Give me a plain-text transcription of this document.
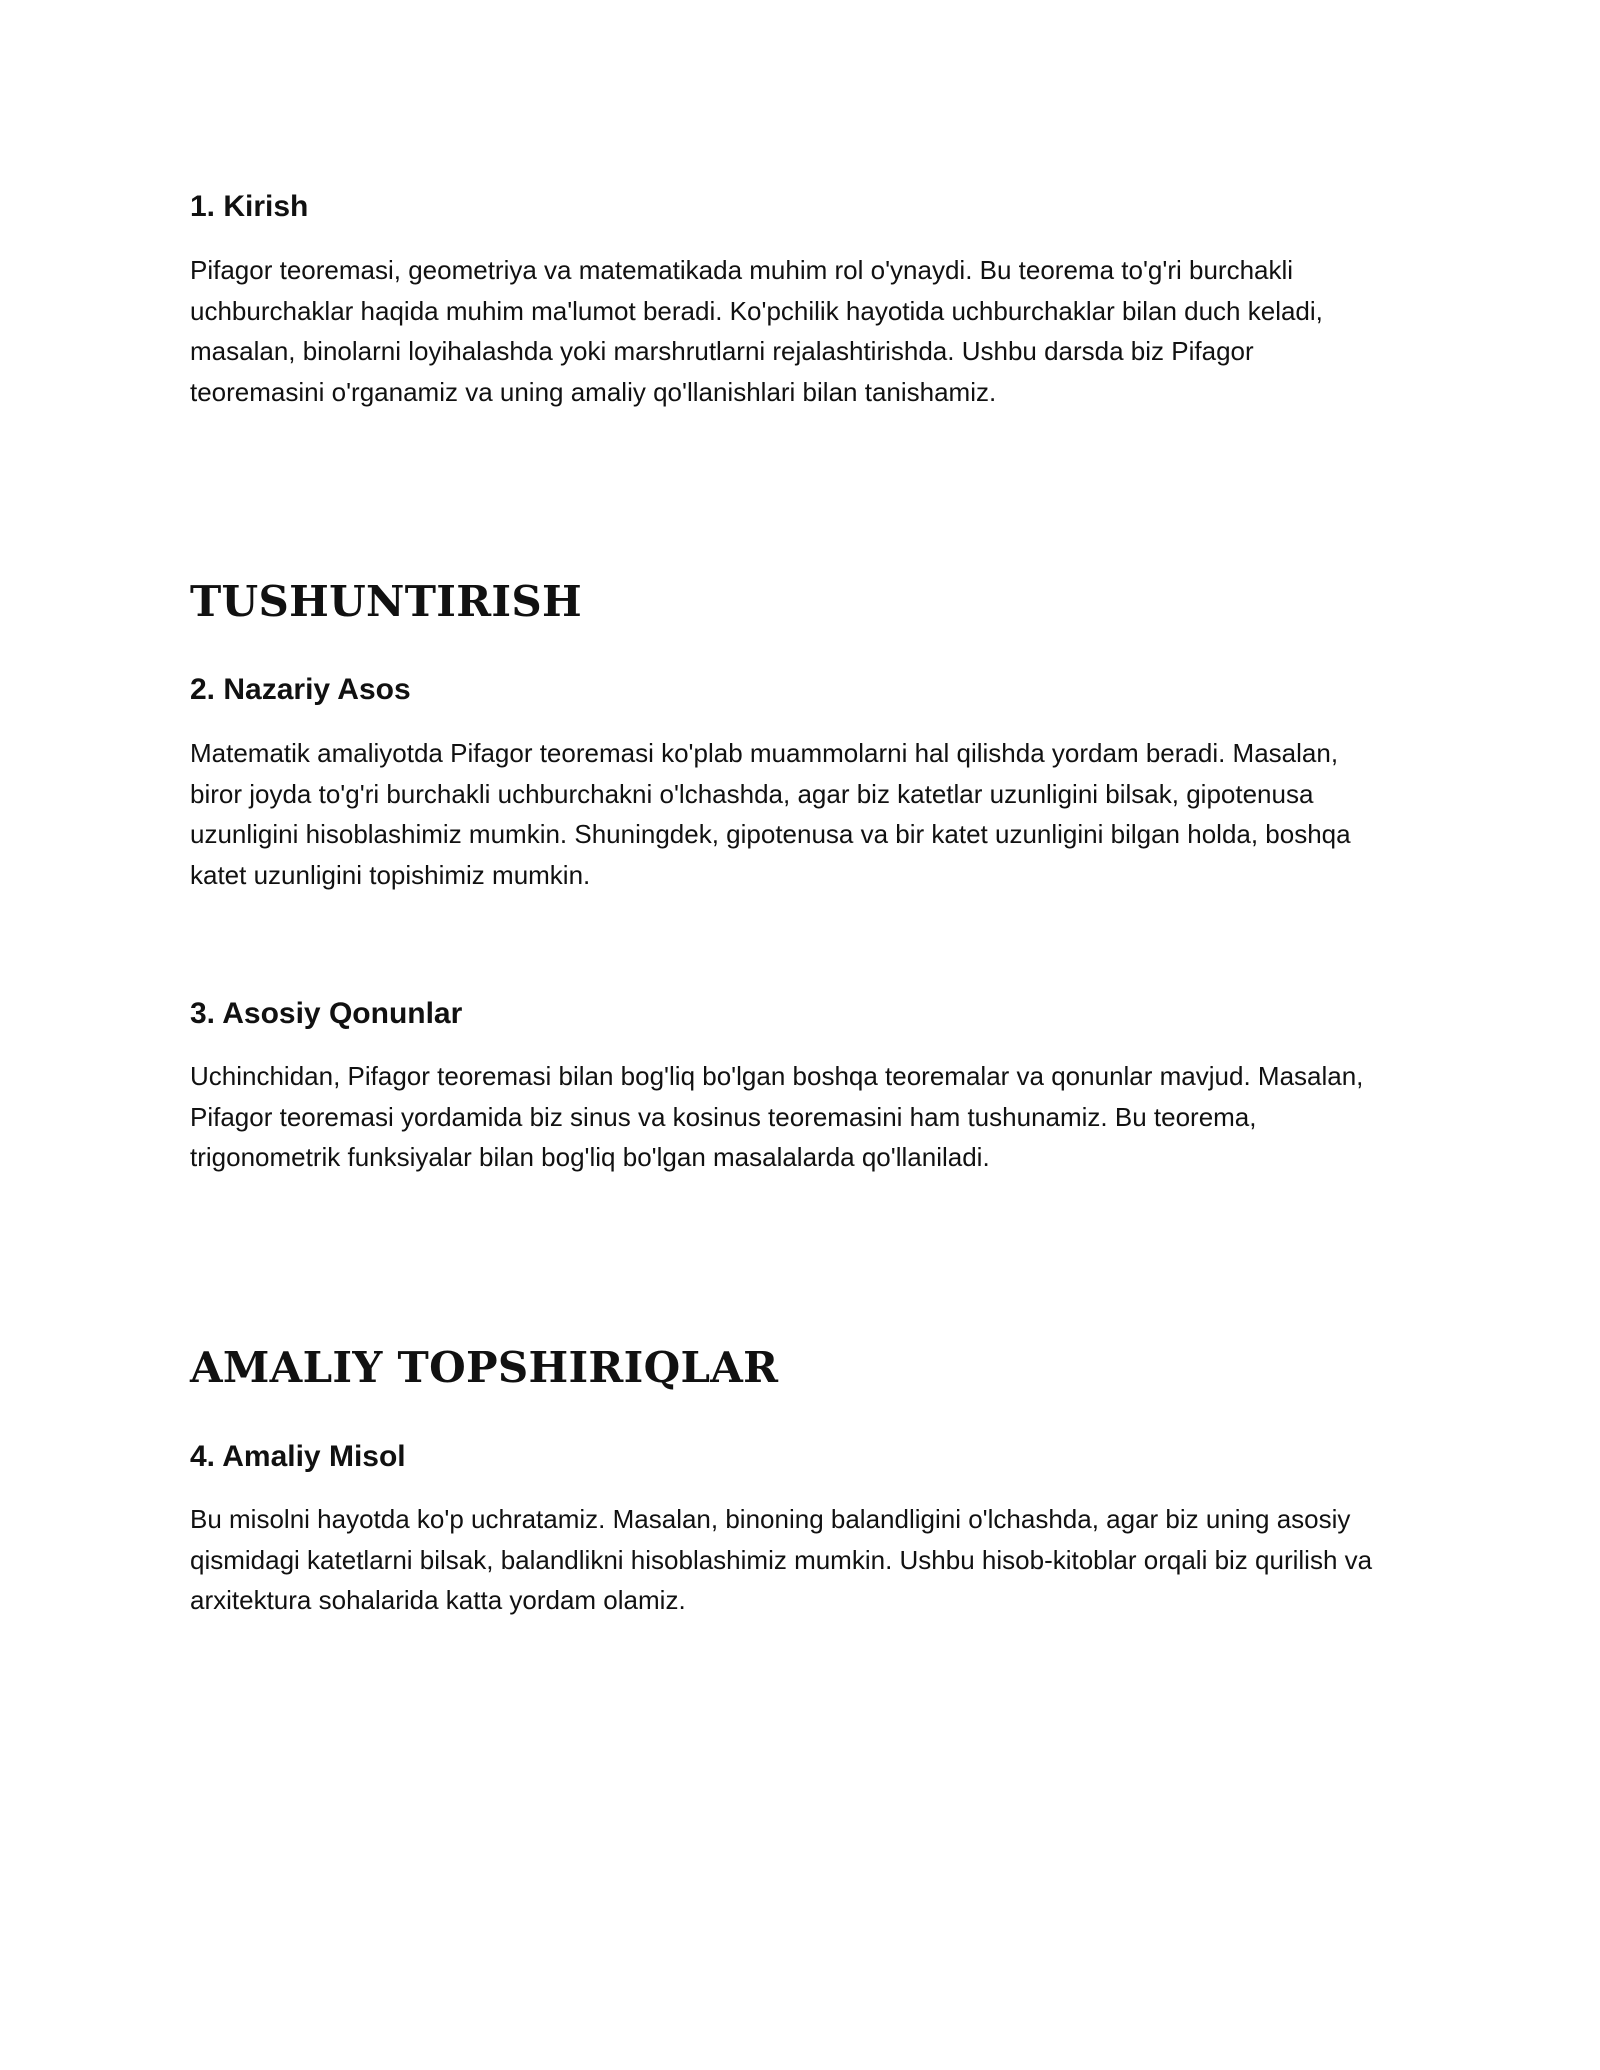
1. Kirish

Pifagor teoremasi, geometriya va matematikada muhim rol o'ynaydi. Bu teorema to'g'ri burchakli
uchburchaklar haqida muhim ma'lumot beradi. Ko'pchilik hayotida uchburchaklar bilan duch keladi,
masalan, binolarni loyihalashda yoki marshrutlarni rejalashtirishda. Ushbu darsda biz Pifagor
teoremasini o'rganamiz va uning amaliy qo'llanishlari bilan tanishamiz.

TUSHUNTIRISH
2. Nazariy Asos

Matematik amaliyotda Pifagor teoremasi ko'plab muammolarni hal qilishda yordam beradi. Masalan,
biror joyda to'g'ri burchakli uchburchakni o'lchashda, agar biz katetlar uzunligini bilsak, gipotenusa
uzunligini hisoblashimiz mumkin. Shuningdek, gipotenusa va bir katet uzunligini bilgan holda, boshqa
katet uzunligini topishimiz mumkin.

3. Asosiy Qonunlar

Uchinchidan, Pifagor teoremasi bilan bog'liq bo'lgan boshqa teoremalar va qonunlar mavjud. Masalan,
Pifagor teoremasi yordamida biz sinus va kosinus teoremasini ham tushunamiz. Bu teorema,
trigonometrik funksiyalar bilan bog'liq bo'lgan masalalarda qo'llaniladi.

AMALIY TOPSHIRIQLAR
4. Amaliy Misol

Bu misolni hayotda ko'p uchratamiz. Masalan, binoning balandligini o'lchashda, agar biz uning asosiy
qismidagi katetlarni bilsak, balandlikni hisoblashimiz mumkin. Ushbu hisob-kitoblar orqali biz qurilish va
arxitektura sohalarida katta yordam olamiz.
